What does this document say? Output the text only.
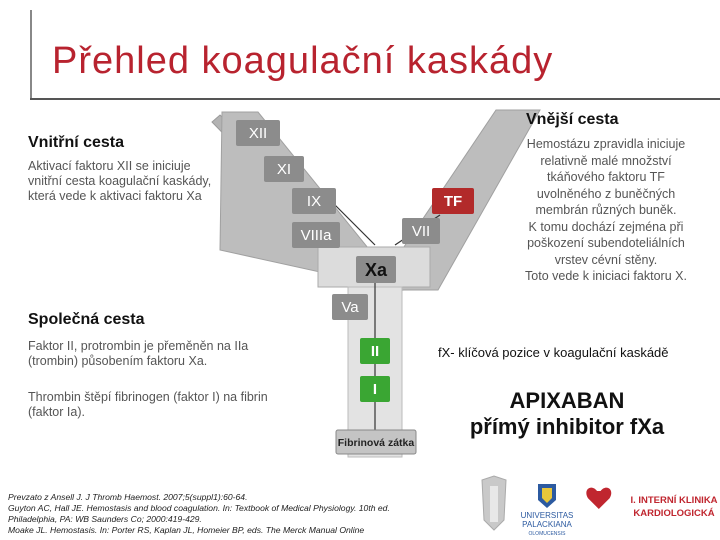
Přehled koagulační kaskády
XII
XI
IX
VIIIa
TF
VII
Xa
Va
II
I
Fibrinová zátka
UNIVERSITAS
PALACKIANA
OLOMUCENSIS
I. INTERNÍ KLINIKA
KARDIOLOGICKÁ
Vnitřní cesta
Aktivací faktoru XII se iniciuje vnitřní cesta koagulační kaskády, která vede k aktivaci faktoru Xa
Společná cesta
Faktor II, protrombin je přeměněn na IIa (trombin) působením faktoru Xa.
Thrombin štěpí fibrinogen (faktor I) na fibrin (faktor Ia).
Vnější cesta
Hemostázu zpravidla iniciuje
relativně malé množství
tkáňového faktoru TF
uvolněného z buněčných
membrán různých buněk.
K tomu dochází zejména při
poškození subendoteliálních
vrstev cévní stěny.
Toto vede k iniciaci faktoru X.
fX- klíčová pozice v koagulační kaskádě
APIXABAN
přímý inhibitor fXa
Prevzato z Ansell J. J Thromb Haemost. 2007;5(suppl1):60-64.
Guyton AC, Hall JE. Hemostasis and blood coagulation. In: Textbook of Medical Physiology. 10th ed.
Philadelphia, PA: WB Saunders Co; 2000:419-429.
Moake JL. Hemostasis. In: Porter RS, Kaplan JL, Homeier BP, eds. The Merck Manual Online
